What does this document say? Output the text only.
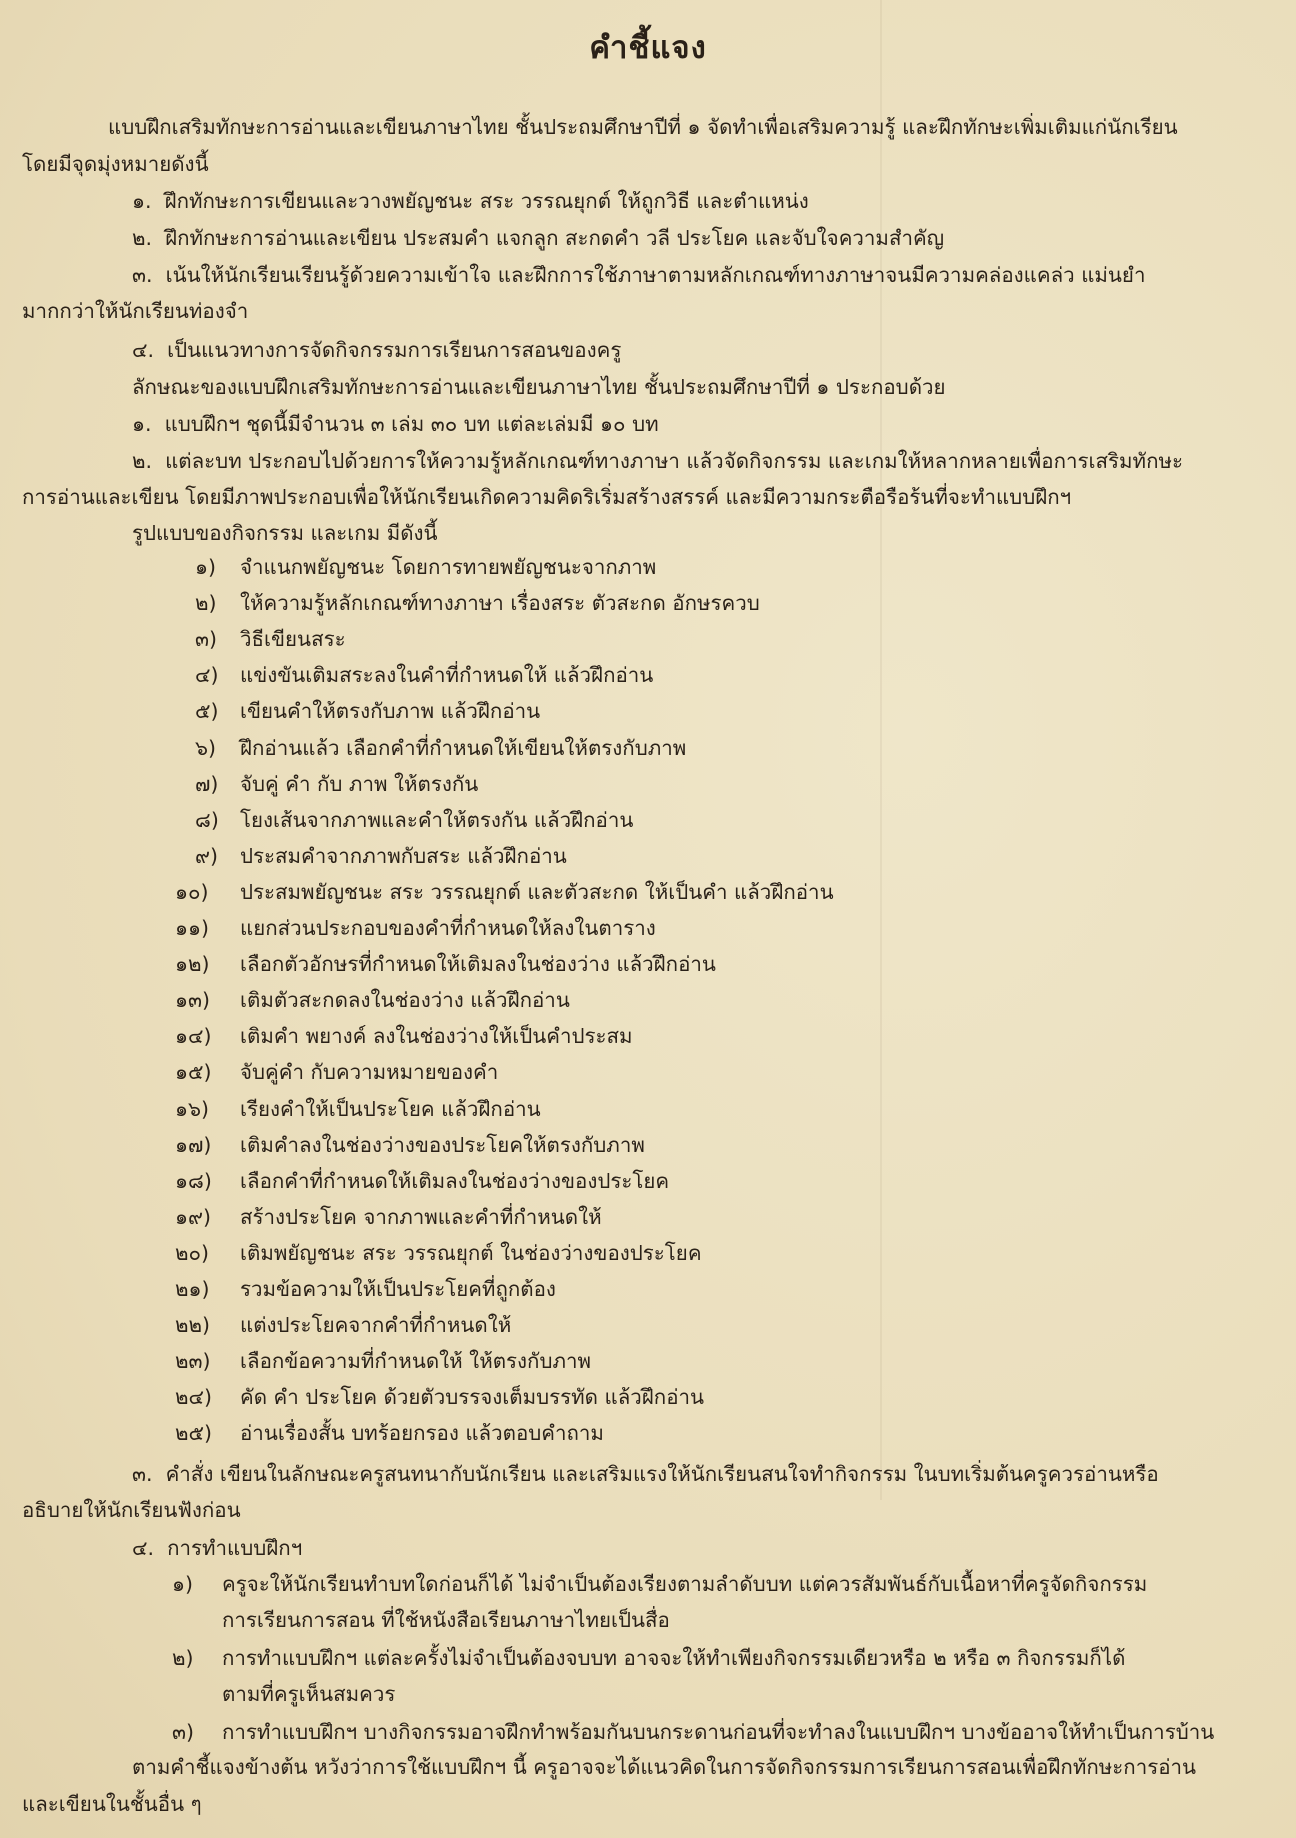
คำชี้แจง
แบบฝึกเสริมทักษะการอ่านและเขียนภาษาไทย ชั้นประถมศึกษาปีที่ ๑ จัดทำเพื่อเสริมความรู้ และฝึกทักษะเพิ่มเติมแก่นักเรียน
โดยมีจุดมุ่งหมายดังนี้
๑. ฝึกทักษะการเขียนและวางพยัญชนะ สระ วรรณยุกต์ ให้ถูกวิธี และตำแหน่ง
๒. ฝึกทักษะการอ่านและเขียน ประสมคำ แจกลูก สะกดคำ วลี ประโยค และจับใจความสำคัญ
๓. เน้นให้นักเรียนเรียนรู้ด้วยความเข้าใจ และฝึกการใช้ภาษาตามหลักเกณฑ์ทางภาษาจนมีความคล่องแคล่ว แม่นยำ
มากกว่าให้นักเรียนท่องจำ
๔. เป็นแนวทางการจัดกิจกรรมการเรียนการสอนของครู
ลักษณะของแบบฝึกเสริมทักษะการอ่านและเขียนภาษาไทย ชั้นประถมศึกษาปีที่ ๑ ประกอบด้วย
๑. แบบฝึกฯ ชุดนี้มีจำนวน ๓ เล่ม ๓๐ บท แต่ละเล่มมี ๑๐ บท
๒. แต่ละบท ประกอบไปด้วยการให้ความรู้หลักเกณฑ์ทางภาษา แล้วจัดกิจกรรม และเกมให้หลากหลายเพื่อการเสริมทักษะ
การอ่านและเขียน โดยมีภาพประกอบเพื่อให้นักเรียนเกิดความคิดริเริ่มสร้างสรรค์ และมีความกระตือรือร้นที่จะทำแบบฝึกฯ
รูปแบบของกิจกรรม และเกม มีดังนี้
๑) จำแนกพยัญชนะ โดยการทายพยัญชนะจากภาพ
๒) ให้ความรู้หลักเกณฑ์ทางภาษา เรื่องสระ ตัวสะกด อักษรควบ
๓) วิธีเขียนสระ
๔) แข่งขันเติมสระลงในคำที่กำหนดให้ แล้วฝึกอ่าน
๕) เขียนคำให้ตรงกับภาพ แล้วฝึกอ่าน
๖) ฝึกอ่านแล้ว เลือกคำที่กำหนดให้เขียนให้ตรงกับภาพ
๗) จับคู่ คำ กับ ภาพ ให้ตรงกัน
๘) โยงเส้นจากภาพและคำให้ตรงกัน แล้วฝึกอ่าน
๙) ประสมคำจากภาพกับสระ แล้วฝึกอ่าน
๑๐) ประสมพยัญชนะ สระ วรรณยุกต์ และตัวสะกด ให้เป็นคำ แล้วฝึกอ่าน
๑๑) แยกส่วนประกอบของคำที่กำหนดให้ลงในตาราง
๑๒) เลือกตัวอักษรที่กำหนดให้เติมลงในช่องว่าง แล้วฝึกอ่าน
๑๓) เติมตัวสะกดลงในช่องว่าง แล้วฝึกอ่าน
๑๔) เติมคำ พยางค์ ลงในช่องว่างให้เป็นคำประสม
๑๕) จับคู่คำ กับความหมายของคำ
๑๖) เรียงคำให้เป็นประโยค แล้วฝึกอ่าน
๑๗) เติมคำลงในช่องว่างของประโยคให้ตรงกับภาพ
๑๘) เลือกคำที่กำหนดให้เติมลงในช่องว่างของประโยค
๑๙) สร้างประโยค จากภาพและคำที่กำหนดให้
๒๐) เติมพยัญชนะ สระ วรรณยุกต์ ในช่องว่างของประโยค
๒๑) รวมข้อความให้เป็นประโยคที่ถูกต้อง
๒๒) แต่งประโยคจากคำที่กำหนดให้
๒๓) เลือกข้อความที่กำหนดให้ ให้ตรงกับภาพ
๒๔) คัด คำ ประโยค ด้วยตัวบรรจงเต็มบรรทัด แล้วฝึกอ่าน
๒๕) อ่านเรื่องสั้น บทร้อยกรอง แล้วตอบคำถาม
๓. คำสั่ง เขียนในลักษณะครูสนทนากับนักเรียน และเสริมแรงให้นักเรียนสนใจทำกิจกรรม ในบทเริ่มต้นครูควรอ่านหรือ
อธิบายให้นักเรียนฟังก่อน
๔. การทำแบบฝึกฯ
๑) ครูจะให้นักเรียนทำบทใดก่อนก็ได้ ไม่จำเป็นต้องเรียงตามลำดับบท แต่ควรสัมพันธ์กับเนื้อหาที่ครูจัดกิจกรรม
การเรียนการสอน ที่ใช้หนังสือเรียนภาษาไทยเป็นสื่อ
๒) การทำแบบฝึกฯ แต่ละครั้งไม่จำเป็นต้องจบบท อาจจะให้ทำเพียงกิจกรรมเดียวหรือ ๒ หรือ ๓ กิจกรรมก็ได้
ตามที่ครูเห็นสมควร
๓) การทำแบบฝึกฯ บางกิจกรรมอาจฝึกทำพร้อมกันบนกระดานก่อนที่จะทำลงในแบบฝึกฯ บางข้ออาจให้ทำเป็นการบ้าน
ตามคำชี้แจงข้างต้น หวังว่าการใช้แบบฝึกฯ นี้ ครูอาจจะได้แนวคิดในการจัดกิจกรรมการเรียนการสอนเพื่อฝึกทักษะการอ่าน
และเขียนในชั้นอื่น ๆ
